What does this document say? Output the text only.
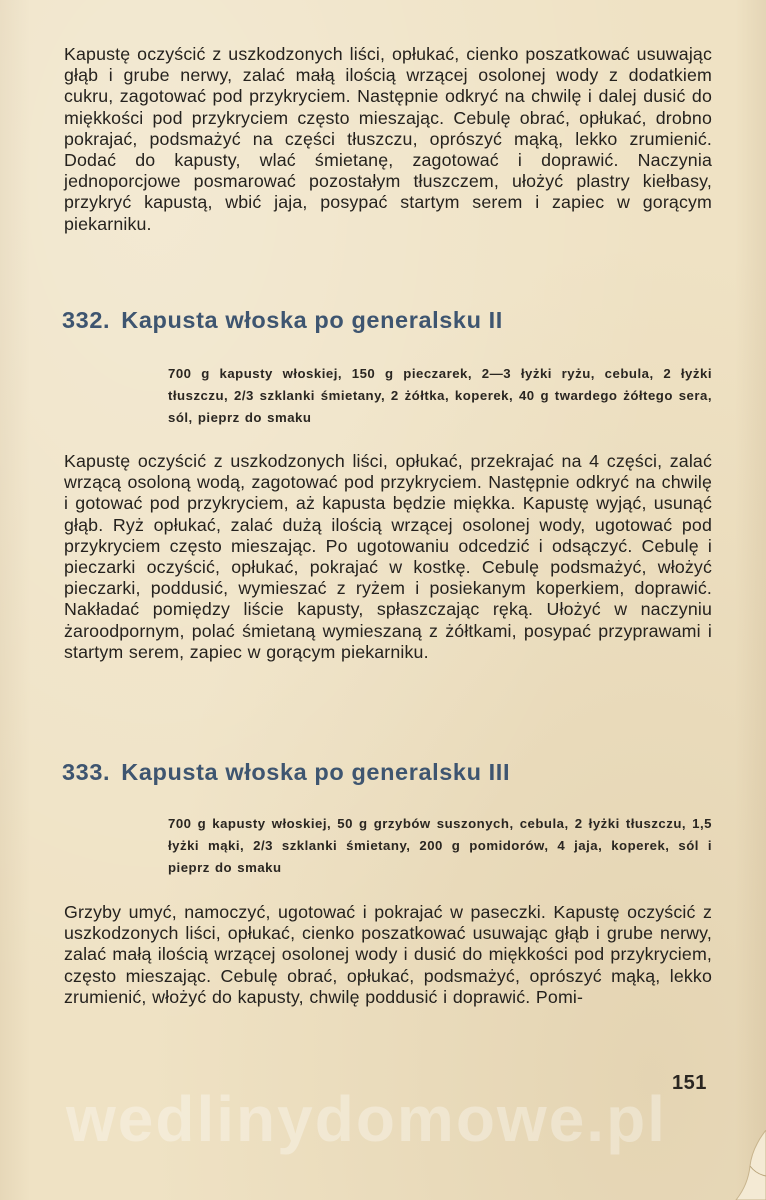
Kapustę oczyścić z uszkodzonych liści, opłukać, cienko poszatkować usuwając głąb i grube nerwy, zalać małą ilością wrzącej osolonej wody z dodatkiem cukru, zagotować pod przykryciem. Następnie odkryć na chwilę i dalej dusić do miękkości pod przykryciem często mieszając. Cebulę obrać, opłukać, drobno pokrajać, podsmażyć na części tłuszczu, oprószyć mąką, lekko zrumienić. Dodać do kapusty, wlać śmietanę, zagotować i doprawić. Naczynia jednoporcjowe posmarować pozostałym tłuszczem, ułożyć plastry kiełbasy, przykryć kapustą, wbić jaja, posypać startym serem i zapiec w gorącym piekarniku.

332. Kapusta włoska po generalsku II

700 g kapusty włoskiej, 150 g pieczarek, 2—3 łyżki ryżu, cebula, 2 łyżki tłuszczu, 2/3 szklanki śmietany, 2 żółtka, koperek, 40 g twardego żółtego sera, sól, pieprz do smaku

Kapustę oczyścić z uszkodzonych liści, opłukać, przekrajać na 4 części, zalać wrzącą osoloną wodą, zagotować pod przykryciem. Następnie odkryć na chwilę i gotować pod przykryciem, aż kapusta będzie miękka. Kapustę wyjąć, usunąć głąb. Ryż opłukać, zalać dużą ilością wrzącej osolonej wody, ugotować pod przykryciem często mieszając. Po ugotowaniu odcedzić i odsączyć. Cebulę i pieczarki oczyścić, opłukać, pokrajać w kostkę. Cebulę podsmażyć, włożyć pieczarki, poddusić, wymieszać z ryżem i posiekanym koperkiem, doprawić. Nakładać pomiędzy liście kapusty, spłaszczając ręką. Ułożyć w naczyniu żaroodpornym, polać śmietaną wymieszaną z żółtkami, posypać przyprawami i startym serem, zapiec w gorącym piekarniku.

333. Kapusta włoska po generalsku III

700 g kapusty włoskiej, 50 g grzybów suszonych, cebula, 2 łyżki tłuszczu, 1,5 łyżki mąki, 2/3 szklanki śmietany, 200 g pomidorów, 4 jaja, koperek, sól i pieprz do smaku

Grzyby umyć, namoczyć, ugotować i pokrajać w paseczki. Kapustę oczyścić z uszkodzonych liści, opłukać, cienko poszatkować usuwając głąb i grube nerwy, zalać małą ilością wrzącej osolonej wody i dusić do miękkości pod przykryciem, często mieszając. Cebulę obrać, opłukać, podsmażyć, oprószyć mąką, lekko zrumienić, włożyć do kapusty, chwilę poddusić i doprawić. Pomi-

wedlinydomowe.pl 151
